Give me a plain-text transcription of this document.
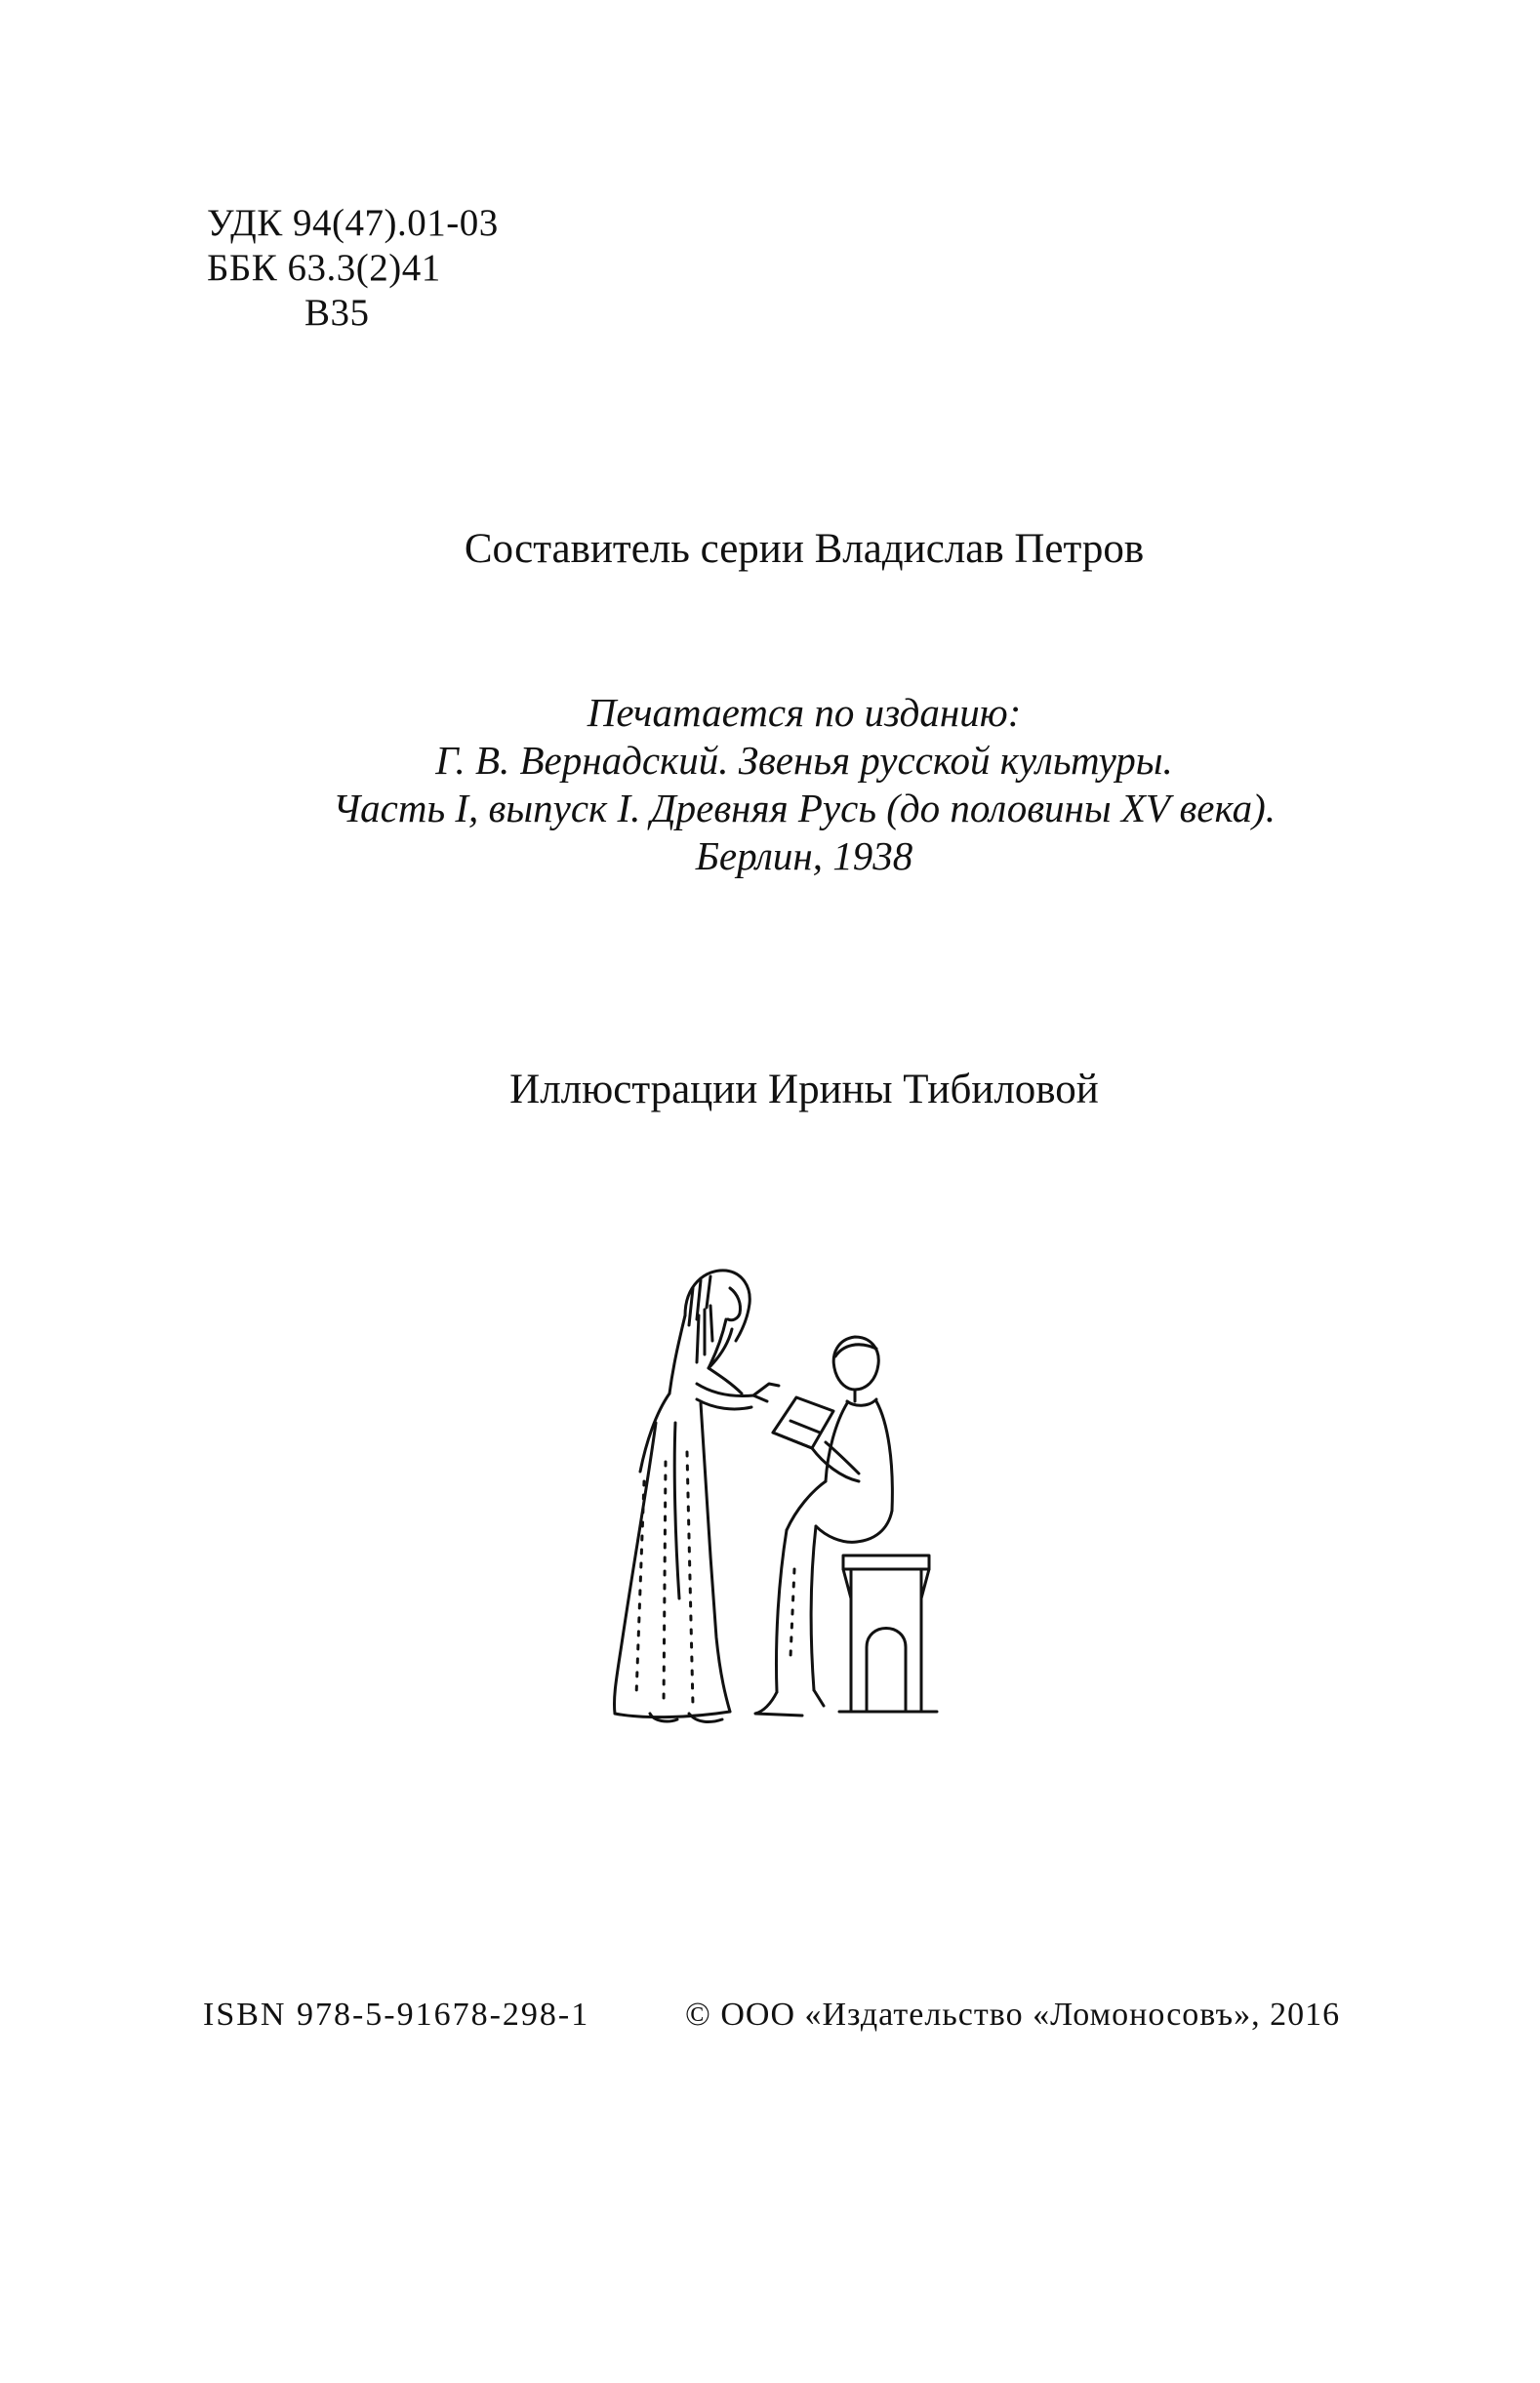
УДК 94(47).01-03
ББК 63.3(2)41
В35
Составитель серии Владислав Петров
Печатается по изданию:
Г. В. Вернадский. Звенья русской культуры.
Часть I, выпуск I. Древняя Русь (до половины XV века).
Берлин, 1938
Иллюстрации Ирины Тибиловой
ISBN 978-5-91678-298-1	© ООО «Издательство «Ломоносовъ», 2016
